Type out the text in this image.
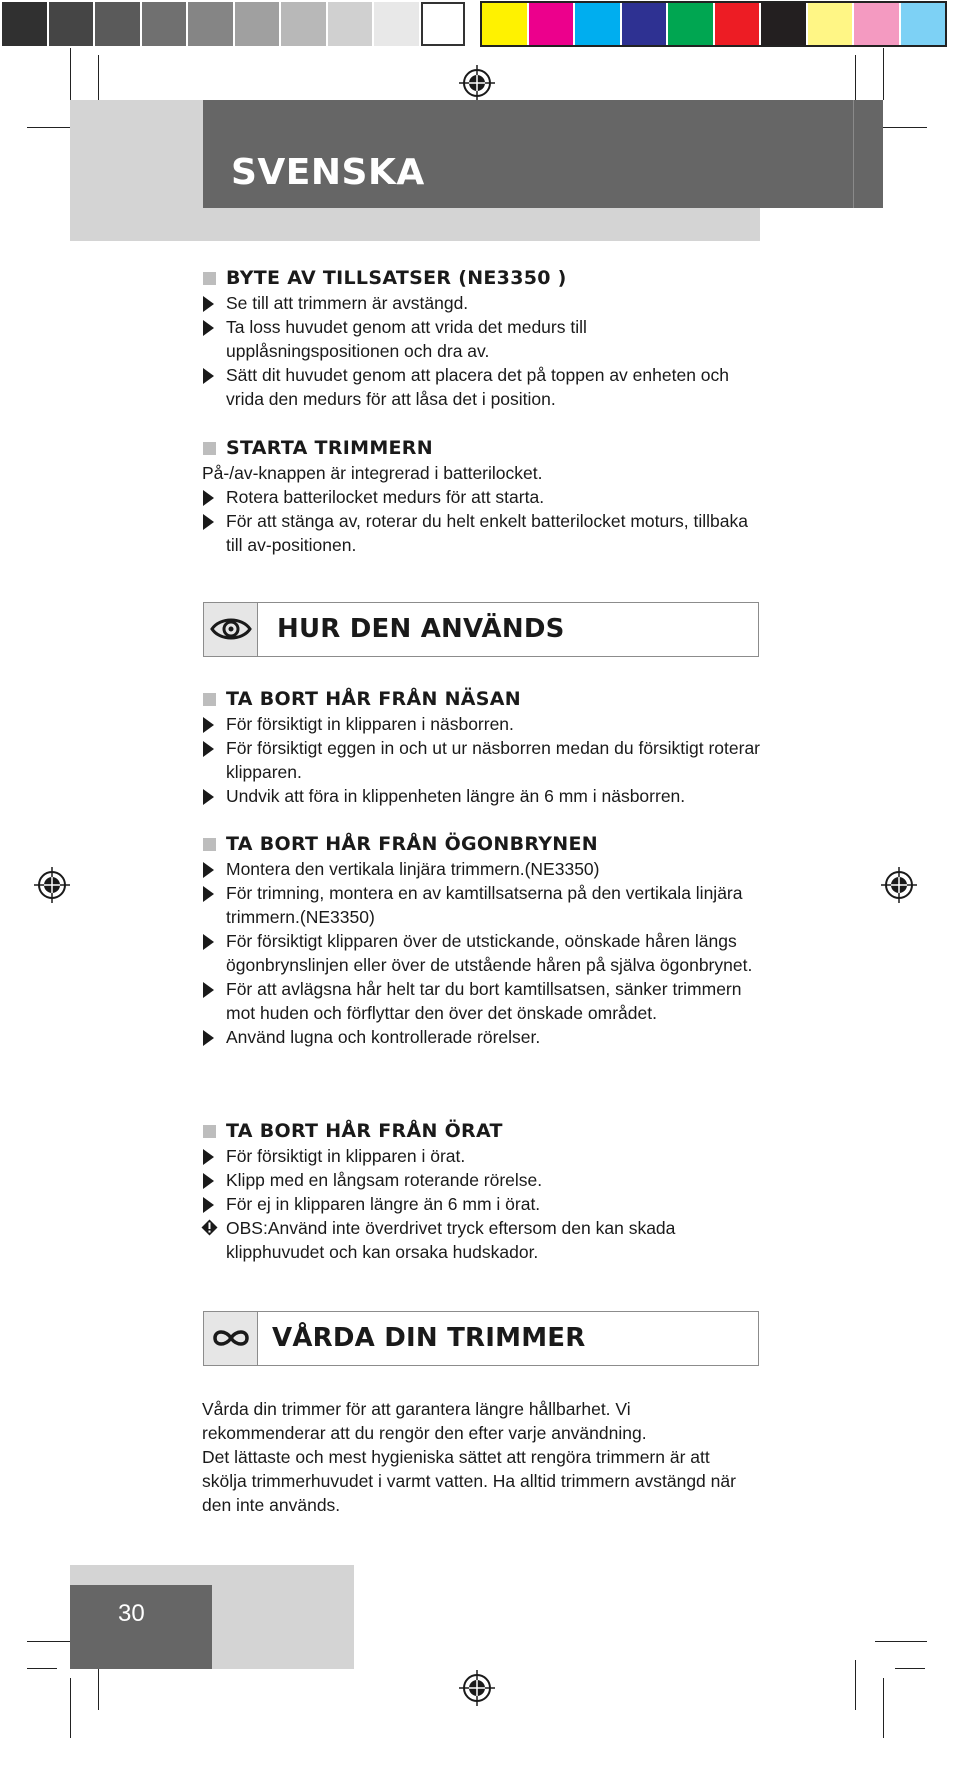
SVENSKA
BYTE AV TILLSATSER (NE3350 )
Se till att trimmern är avstängd.
Ta loss huvudet genom att vrida det medurs till upplåsningspositionen och dra av.
Sätt dit huvudet genom att placera det på toppen av enheten och vrida den medurs för att låsa det i position.
STARTA TRIMMERN
På-/av-knappen är integrerad i batterilocket.
Rotera batterilocket medurs för att starta.
För att stänga av, roterar du helt enkelt batterilocket moturs, tillbaka till av-positionen.
HUR DEN ANVÄNDS
TA BORT HÅR FRÅN NÄSAN
För försiktigt in klipparen i näsborren.
För försiktigt eggen in och ut ur näsborren medan du försiktigt roterar klipparen.
Undvik att föra in klippenheten längre än 6 mm i näsborren.
TA BORT HÅR FRÅN ÖGONBRYNEN
Montera den vertikala linjära trimmern.(NE3350)
För trimning, montera en av kamtillsatserna på den vertikala linjära trimmern.(NE3350)
För försiktigt klipparen över de utstickande, oönskade håren längs ögonbrynslinjen eller över de utstående håren på själva ögonbrynet.
För att avlägsna hår helt tar du bort kamtillsatsen, sänker trimmern mot huden och förflyttar den över det önskade området.
Använd lugna och kontrollerade rörelser.
TA BORT HÅR FRÅN ÖRAT
För försiktigt in klipparen i örat.
Klipp med en långsam roterande rörelse.
För ej in klipparen längre än 6 mm i örat.
OBS:Använd inte överdrivet tryck eftersom den kan skada klipphuvudet och kan orsaka hudskador.
VÅRDA DIN TRIMMER
Vårda din trimmer för att garantera längre hållbarhet. Vi rekommenderar att du rengör den efter varje användning.
Det lättaste och mest hygieniska sättet att rengöra trimmern är att skölja trimmerhuvudet i varmt vatten. Ha alltid trimmern avstängd när den inte används.
30
